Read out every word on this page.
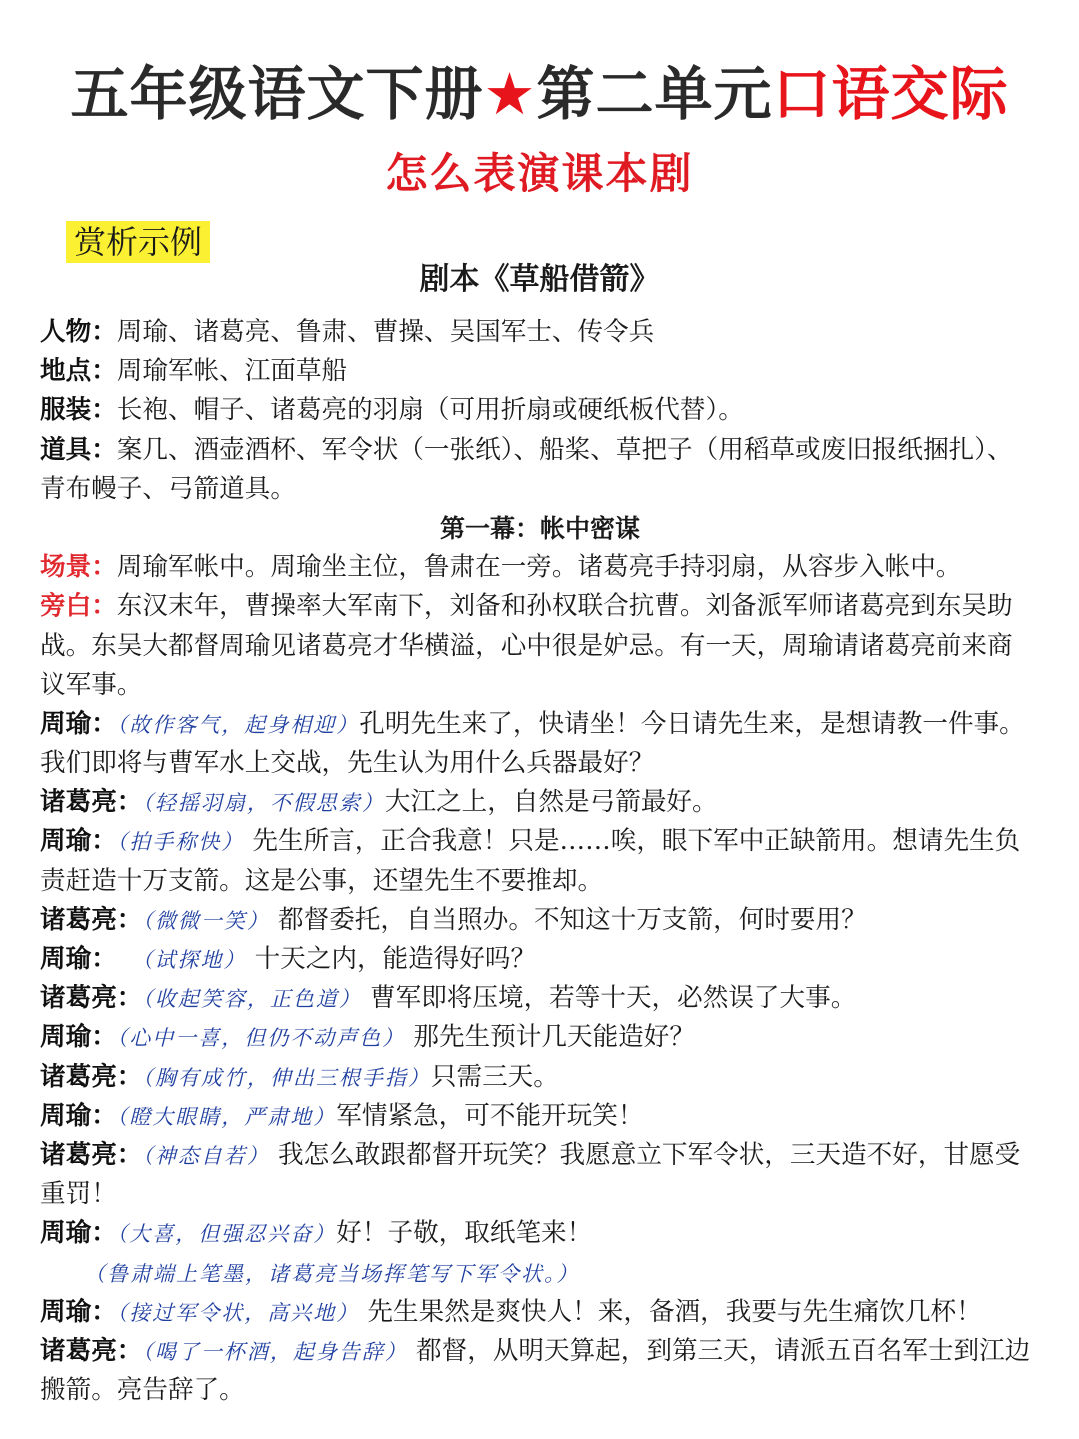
五年级语文下册★第二单元口语交际
怎么表演课本剧
赏析示例
剧本《草船借箭》
人物：周瑜、诸葛亮、鲁肃、曹操、吴国军士、传令兵
地点：周瑜军帐、江面草船
服装：长袍、帽子、诸葛亮的羽扇（可用折扇或硬纸板代替）。
道具：案几、酒壶酒杯、军令状（一张纸）、船桨、草把子（用稻草或废旧报纸捆扎）、
青布幔子、弓箭道具。
第一幕：帐中密谋
场景：周瑜军帐中。周瑜坐主位，鲁肃在一旁。诸葛亮手持羽扇，从容步入帐中。
旁白：东汉末年，曹操率大军南下，刘备和孙权联合抗曹。刘备派军师诸葛亮到东吴助
战。东吴大都督周瑜见诸葛亮才华横溢，心中很是妒忌。有一天，周瑜请诸葛亮前来商
议军事。
周瑜：（故作客气，起身相迎）孔明先生来了，快请坐！今日请先生来，是想请教一件事。
我们即将与曹军水上交战，先生认为用什么兵器最好？
诸葛亮：（轻摇羽扇，不假思索）大江之上，自然是弓箭最好。
周瑜：（拍手称快） 先生所言，正合我意！只是……唉，眼下军中正缺箭用。想请先生负
责赶造十万支箭。这是公事，还望先生不要推却。
诸葛亮：（微微一笑） 都督委托，自当照办。不知这十万支箭，何时要用？
周瑜： （试探地） 十天之内，能造得好吗？
诸葛亮：（收起笑容，正色道） 曹军即将压境，若等十天，必然误了大事。
周瑜：（心中一喜，但仍不动声色） 那先生预计几天能造好？
诸葛亮：（胸有成竹，伸出三根手指）只需三天。
周瑜：（瞪大眼睛，严肃地）军情紧急，可不能开玩笑！
诸葛亮：（神态自若） 我怎么敢跟都督开玩笑？我愿意立下军令状，三天造不好，甘愿受
重罚！
周瑜：（大喜，但强忍兴奋）好！子敬，取纸笔来！
（鲁肃端上笔墨，诸葛亮当场挥笔写下军令状。）
周瑜：（接过军令状，高兴地） 先生果然是爽快人！来，备酒，我要与先生痛饮几杯！
诸葛亮：（喝了一杯酒，起身告辞） 都督，从明天算起，到第三天，请派五百名军士到江边
搬箭。亮告辞了。
